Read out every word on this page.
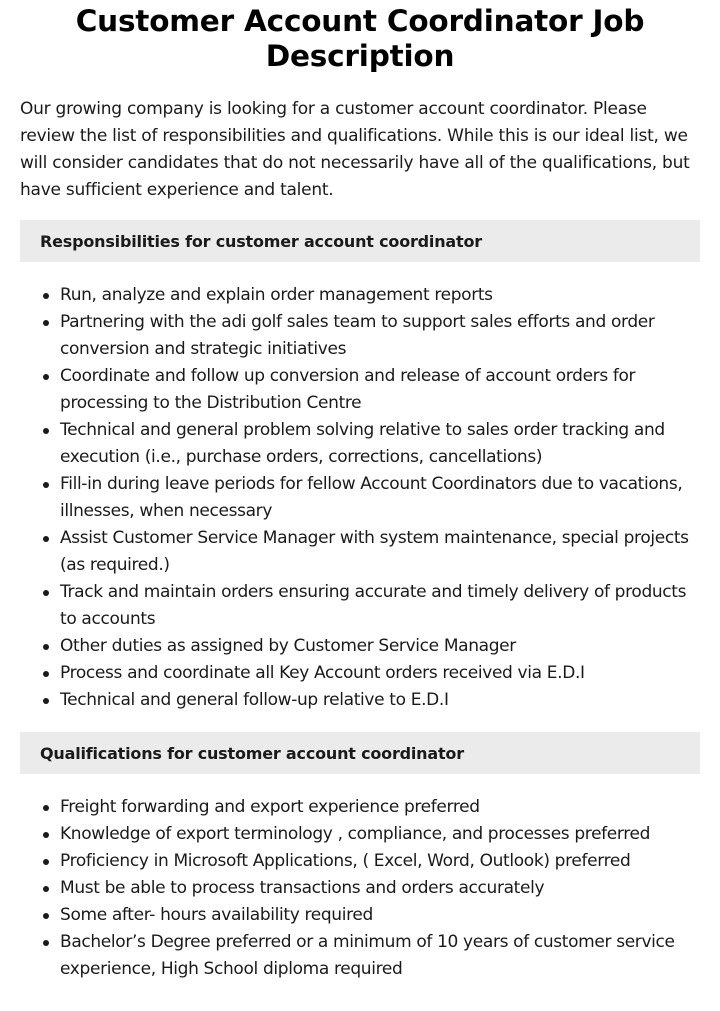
Customer Account Coordinator Job Description

Our growing company is looking for a customer account coordinator. Please review the list of responsibilities and qualifications. While this is our ideal list, we will consider candidates that do not necessarily have all of the qualifications, but have sufficient experience and talent.

Responsibilities for customer account coordinator
Run, analyze and explain order management reports
Partnering with the adi golf sales team to support sales efforts and order conversion and strategic initiatives
Coordinate and follow up conversion and release of account orders for processing to the Distribution Centre
Technical and general problem solving relative to sales order tracking and execution (i.e., purchase orders, corrections, cancellations)
Fill-in during leave periods for fellow Account Coordinators due to vacations, illnesses, when necessary
Assist Customer Service Manager with system maintenance, special projects (as required.)
Track and maintain orders ensuring accurate and timely delivery of products to accounts
Other duties as assigned by Customer Service Manager
Process and coordinate all Key Account orders received via E.D.I
Technical and general follow-up relative to E.D.I
Qualifications for customer account coordinator
Freight forwarding and export experience preferred
Knowledge of export terminology , compliance, and processes preferred
Proficiency in Microsoft Applications, ( Excel, Word, Outlook) preferred
Must be able to process transactions and orders accurately
Some after- hours availability required
Bachelor’s Degree preferred or a minimum of 10 years of customer service experience, High School diploma required
